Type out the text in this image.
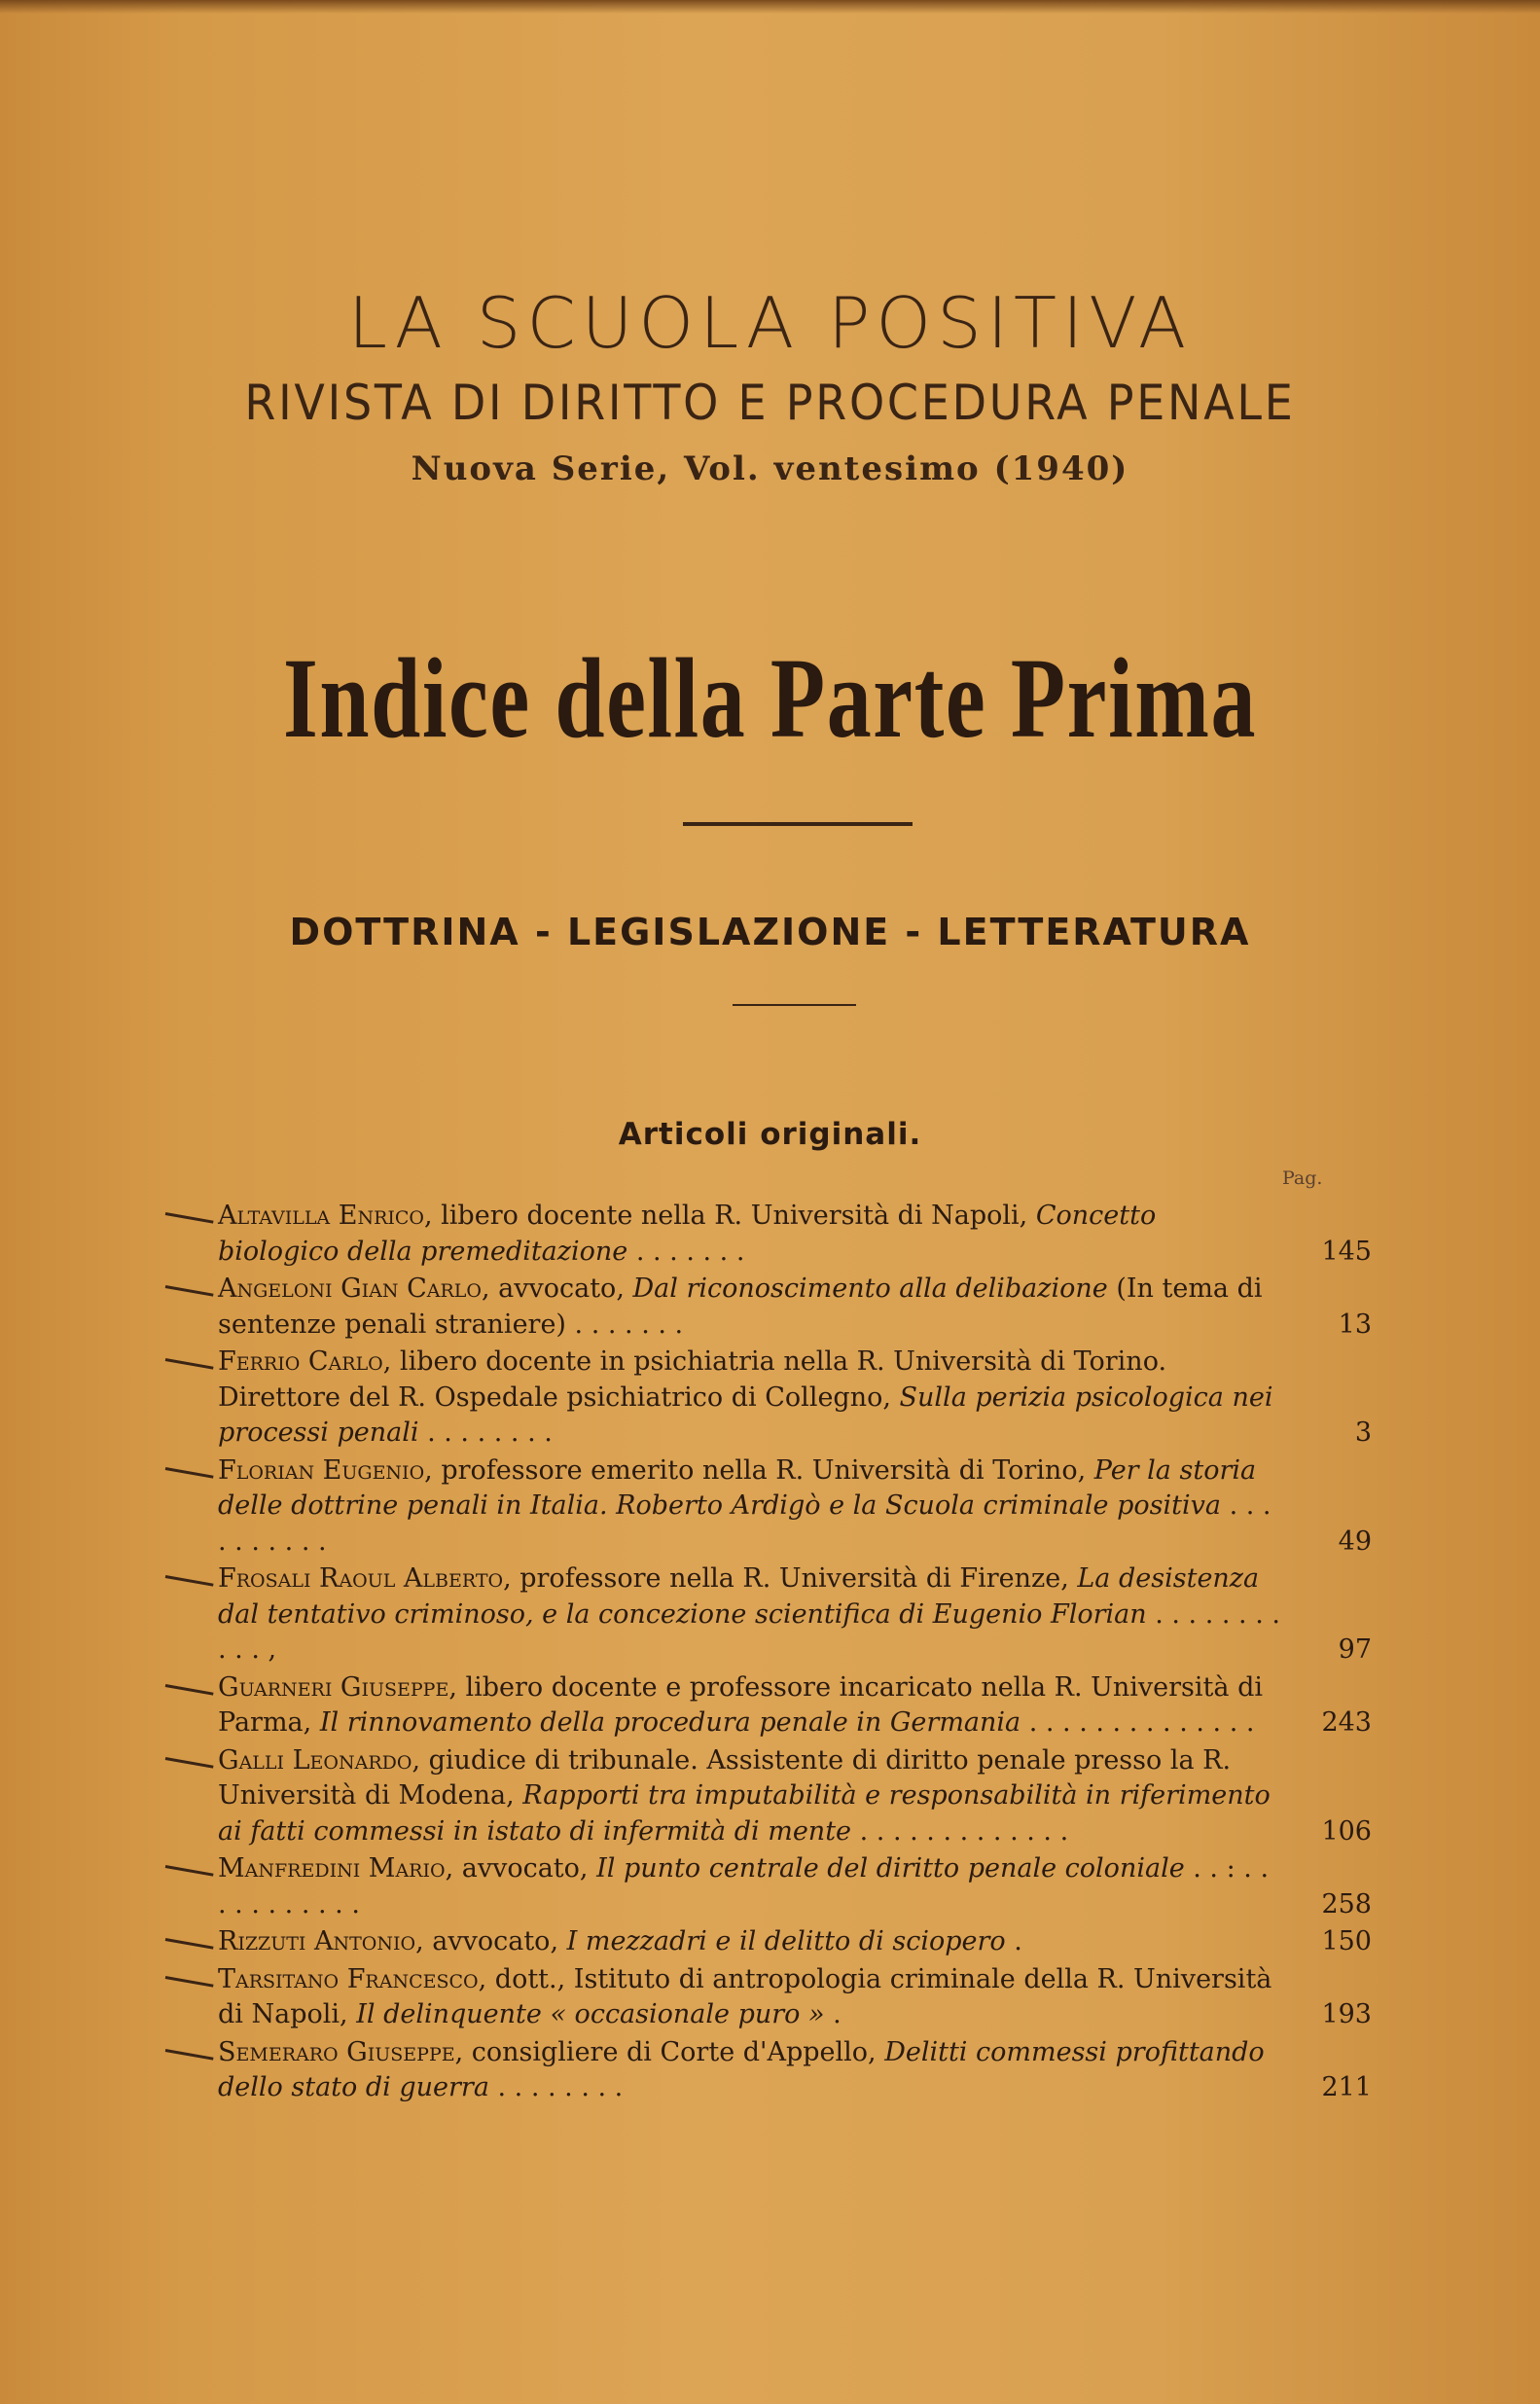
LA SCUOLA POSITIVA
RIVISTA DI DIRITTO E PROCEDURA PENALE
Nuova Serie, Vol. ventesimo (1940)
Indice della Parte Prima
DOTTRINA - LEGISLAZIONE - LETTERATURA
Articoli originali.
Pag.
Altavilla Enrico, libero docente nella R. Università di Napoli, Concetto biologico della premeditazione . . . . . . .	145
Angeloni Gian Carlo, avvocato, Dal riconoscimento alla delibazione (In tema di sentenze penali straniere) . . . . . . .	13
Ferrio Carlo, libero docente in psichiatria nella R. Università di Torino. Direttore del R. Ospedale psichiatrico di Collegno, Sulla perizia psicologica nei processi penali . . . . . . . .	3
Florian Eugenio, professore emerito nella R. Università di Torino, Per la storia delle dottrine penali in Italia. Roberto Ardigò e la Scuola criminale positiva . . . . . . . . . .	49
Frosali Raoul Alberto, professore nella R. Università di Firenze, La desistenza dal tentativo criminoso, e la concezione scientifica di Eugenio Florian . . . . . . . . . . . ,	97
Guarneri Giuseppe, libero docente e professore incaricato nella R. Università di Parma, Il rinnovamento della procedura penale in Germania . . . . . . . . . . . . . .	243
Galli Leonardo, giudice di tribunale. Assistente di diritto penale presso la R. Università di Modena, Rapporti tra imputabilità e responsabilità in riferimento ai fatti commessi in istato di infermità di mente . . . . . . . . . . . . .	106
Manfredini Mario, avvocato, Il punto centrale del diritto penale coloniale . . : . . . . . . . . . . .	258
Rizzuti Antonio, avvocato, I mezzadri e il delitto di sciopero .	150
Tarsitano Francesco, dott., Istituto di antropologia criminale della R. Università di Napoli, Il delinquente « occasionale puro » .	193
Semeraro Giuseppe, consigliere di Corte d'Appello, Delitti commessi profittando dello stato di guerra . . . . . . . .	211
